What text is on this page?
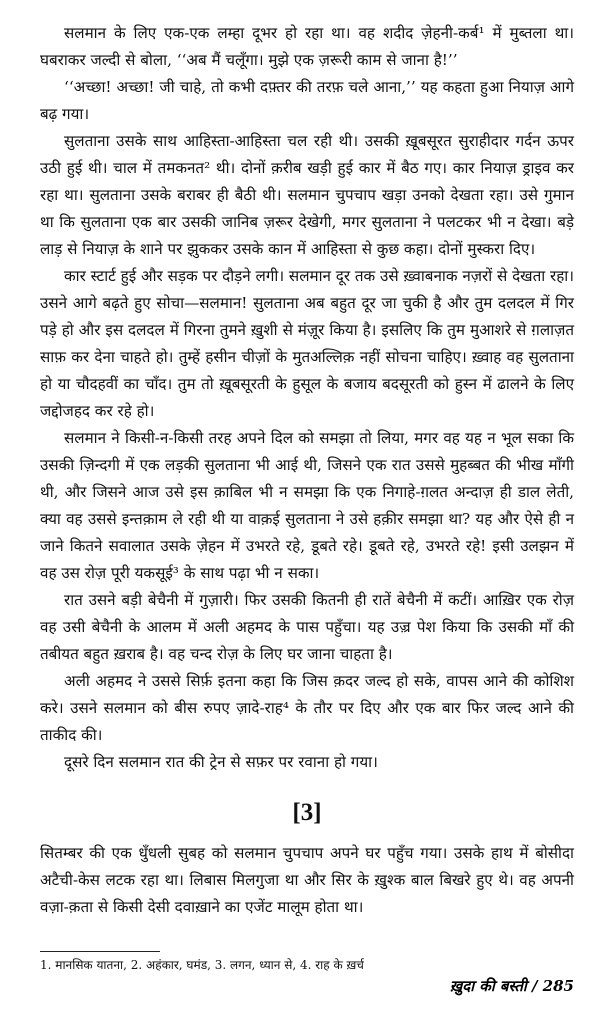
सलमान के लिए एक-एक लम्हा दूभर हो रहा था। वह शदीद ज़ेहनी-कर्ब¹ में मुब्तला था। घबराकर जल्दी से बोला, ‘‘अब मैं चलूँगा। मुझे एक ज़रूरी काम से जाना है!’’

‘‘अच्छा! अच्छा! जी चाहे, तो कभी दफ़्तर की तरफ़ चले आना,’’ यह कहता हुआ नियाज़ आगे बढ़ गया।

सुलताना उसके साथ आहिस्ता-आहिस्ता चल रही थी। उसकी ख़ूबसूरत सुराहीदार गर्दन ऊपर उठी हुई थी। चाल में तमकनत² थी। दोनों क़रीब खड़ी हुई कार में बैठ गए। कार नियाज़ ड्राइव कर रहा था। सुलताना उसके बराबर ही बैठी थी। सलमान चुपचाप खड़ा उनको देखता रहा। उसे गुमान था कि सुलताना एक बार उसकी जानिब ज़रूर देखेगी, मगर सुलताना ने पलटकर भी न देखा। बड़े लाड़ से नियाज़ के शाने पर झुककर उसके कान में आहिस्ता से कुछ कहा। दोनों मुस्करा दिए।

कार स्टार्ट हुई और सड़क पर दौड़ने लगी। सलमान दूर तक उसे ख़्वाबनाक नज़रों से देखता रहा। उसने आगे बढ़ते हुए सोचा—सलमान! सुलताना अब बहुत दूर जा चुकी है और तुम दलदल में गिर पड़े हो और इस दलदल में गिरना तुमने ख़ुशी से मंज़ूर किया है। इसलिए कि तुम मुआशरे से ग़लाज़त साफ़ कर देना चाहते हो। तुम्हें हसीन चीज़ों के मुतअल्लिक़ नहीं सोचना चाहिए। ख़्वाह वह सुलताना हो या चौदहवीं का चाँद। तुम तो ख़ूबसूरती के हुसूल के बजाय बदसूरती को हुस्न में ढालने के लिए जद्दोजहद कर रहे हो।

सलमान ने किसी-न-किसी तरह अपने दिल को समझा तो लिया, मगर वह यह न भूल सका कि उसकी ज़िन्दगी में एक लड़की सुलताना भी आई थी, जिसने एक रात उससे मुहब्बत की भीख माँगी थी, और जिसने आज उसे इस क़ाबिल भी न समझा कि एक निगाहे-ग़लत अन्दाज़ ही डाल लेती, क्या वह उससे इन्तक़ाम ले रही थी या वाक़ई सुलताना ने उसे हक़ीर समझा था? यह और ऐसे ही न जाने कितने सवालात उसके ज़ेहन में उभरते रहे, डूबते रहे। डूबते रहे, उभरते रहे! इसी उलझन में वह उस रोज़ पूरी यकसूई³ के साथ पढ़ा भी न सका।

रात उसने बड़ी बेचैनी में गुज़ारी। फिर उसकी कितनी ही रातें बेचैनी में कटीं। आख़िर एक रोज़ वह उसी बेचैनी के आलम में अली अहमद के पास पहुँचा। यह उज़्र पेश किया कि उसकी माँ की तबीयत बहुत ख़राब है। वह चन्द रोज़ के लिए घर जाना चाहता है।

अली अहमद ने उससे सिर्फ़ इतना कहा कि जिस क़दर जल्द हो सके, वापस आने की कोशिश करे। उसने सलमान को बीस रुपए ज़ादे-राह⁴ के तौर पर दिए और एक बार फिर जल्द आने की ताकीद की।

दूसरे दिन सलमान रात की ट्रेन से सफ़र पर रवाना हो गया।

[3]

सितम्बर की एक धुँधली सुबह को सलमान चुपचाप अपने घर पहुँच गया। उसके हाथ में बोसीदा अटैची-केस लटक रहा था। लिबास मिलगुजा था और सिर के ख़ुश्क बाल बिखरे हुए थे। वह अपनी वज़ा-क़ता से किसी देसी दवाख़ाने का एजेंट मालूम होता था।

1. मानसिक यातना, 2. अहंकार, घमंड, 3. लगन, ध्यान से, 4. राह के ख़र्च

ख़ुदा की बस्ती / 285
